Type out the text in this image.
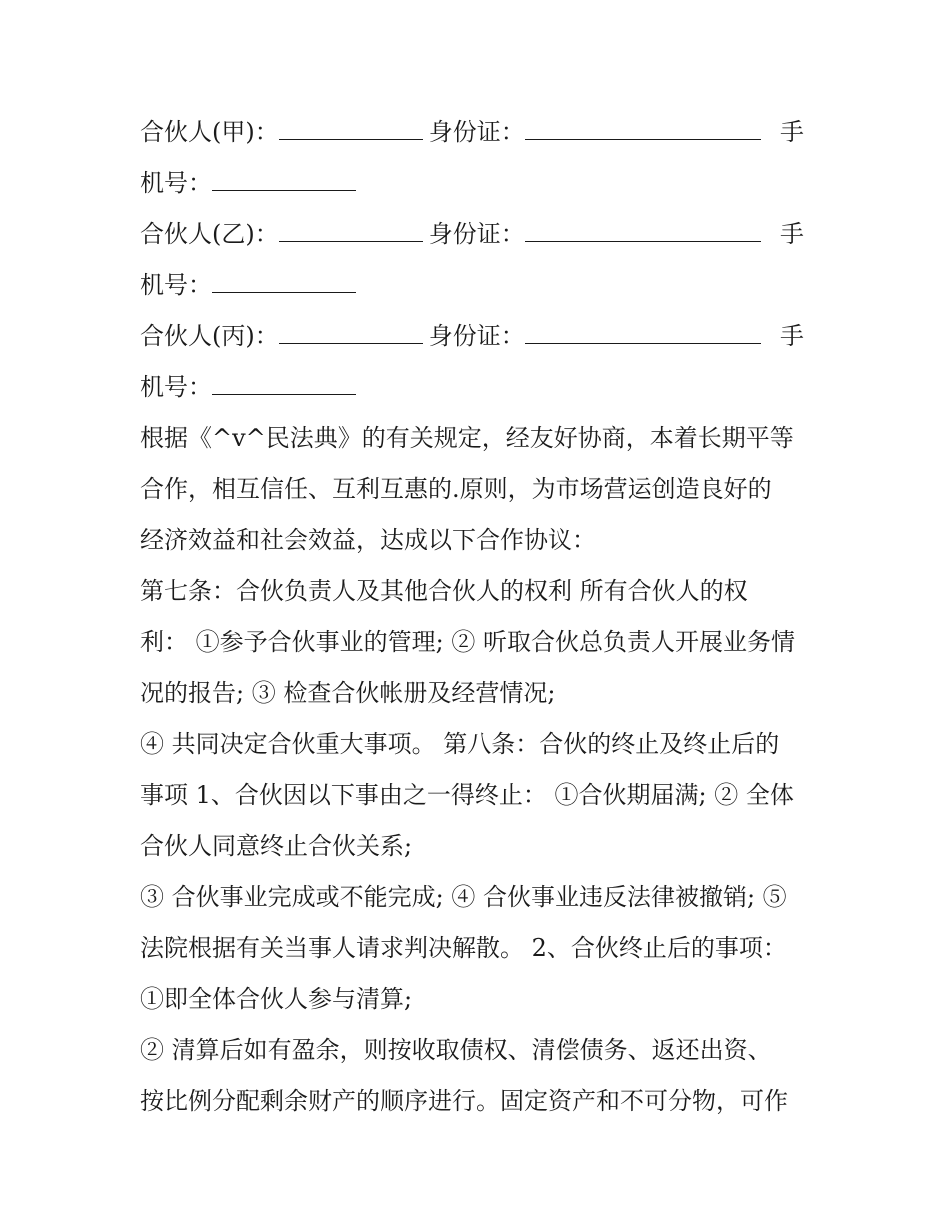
合伙人(甲)：	身份证：	手
机号：
合伙人(乙)：	身份证：	手
机号：
合伙人(丙)：	身份证：	手
机号：
根据《^v^民法典》的有关规定，经友好协商，本着长期平等
合作，相互信任、互利互惠的.原则，为市场营运创造良好的
经济效益和社会效益，达成以下合作协议：
第七条：合伙负责人及其他合伙人的权利 所有合伙人的权
利： ①参予合伙事业的管理; ② 听取合伙总负责人开展业务情
况的报告; ③ 检查合伙帐册及经营情况;
④ 共同决定合伙重大事项。 第八条：合伙的终止及终止后的
事项 1、合伙因以下事由之一得终止： ①合伙期届满; ② 全体
合伙人同意终止合伙关系;
③ 合伙事业完成或不能完成; ④ 合伙事业违反法律被撤销; ⑤
法院根据有关当事人请求判决解散。 2、合伙终止后的事项：
①即全体合伙人参与清算;
② 清算后如有盈余，则按收取债权、清偿债务、返还出资、
按比例分配剩余财产的顺序进行。固定资产和不可分物，可作
